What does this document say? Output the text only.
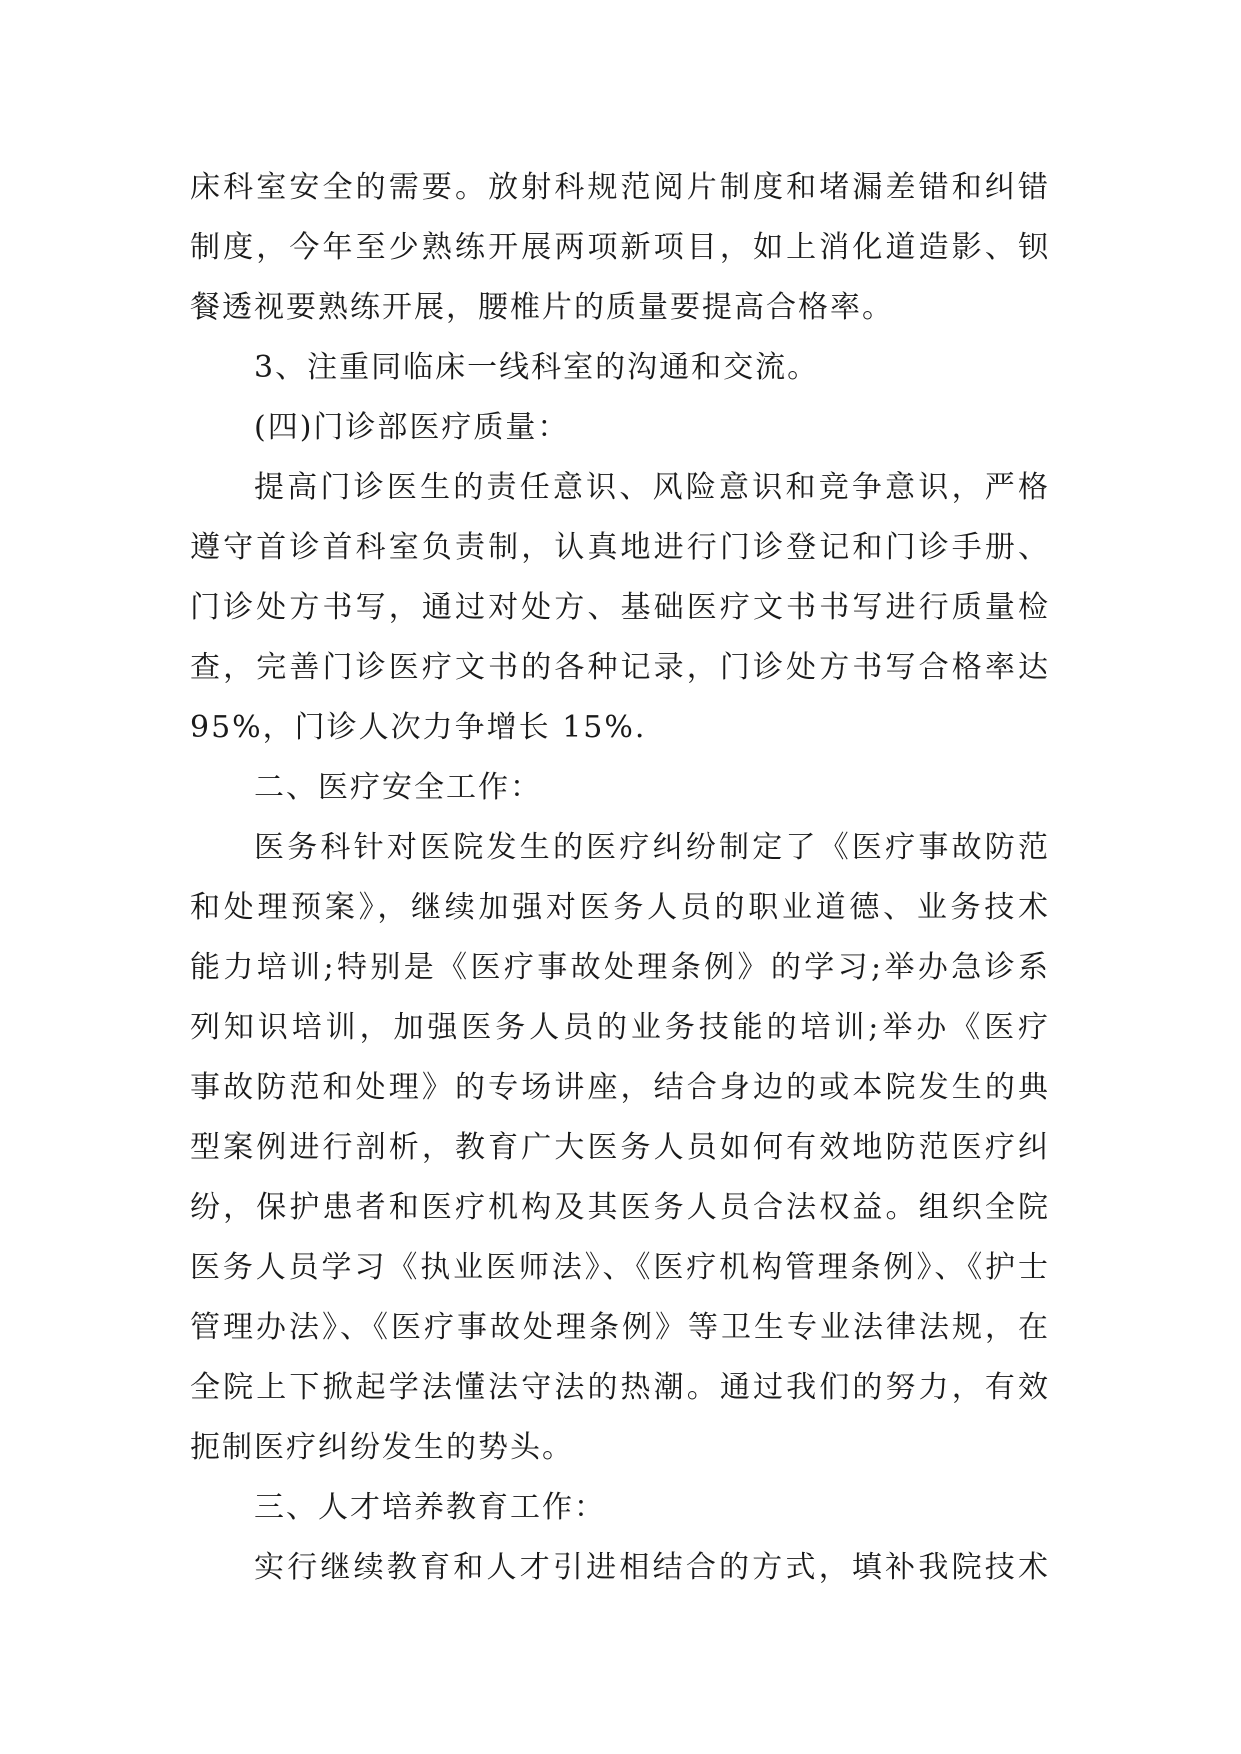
床科室安全的需要。放射科规范阅片制度和堵漏差错和纠错
制度，今年至少熟练开展两项新项目，如上消化道造影、钡
餐透视要熟练开展，腰椎片的质量要提高合格率。
3、注重同临床一线科室的沟通和交流。
(四)门诊部医疗质量：
提高门诊医生的责任意识、风险意识和竞争意识，严格
遵守首诊首科室负责制，认真地进行门诊登记和门诊手册、
门诊处方书写，通过对处方、基础医疗文书书写进行质量检
查，完善门诊医疗文书的各种记录，门诊处方书写合格率达
95%，门诊人次力争增长 15%.
二、医疗安全工作：
医务科针对医院发生的医疗纠纷制定了《医疗事故防范
和处理预案》，继续加强对医务人员的职业道德、业务技术
能力培训;特别是《医疗事故处理条例》的学习;举办急诊系
列知识培训，加强医务人员的业务技能的培训;举办《医疗
事故防范和处理》的专场讲座，结合身边的或本院发生的典
型案例进行剖析，教育广大医务人员如何有效地防范医疗纠
纷，保护患者和医疗机构及其医务人员合法权益。组织全院
医务人员学习《执业医师法》、《医疗机构管理条例》、《护士
管理办法》、《医疗事故处理条例》等卫生专业法律法规，在
全院上下掀起学法懂法守法的热潮。通过我们的努力，有效
扼制医疗纠纷发生的势头。
三、人才培养教育工作：
实行继续教育和人才引进相结合的方式，填补我院技术
